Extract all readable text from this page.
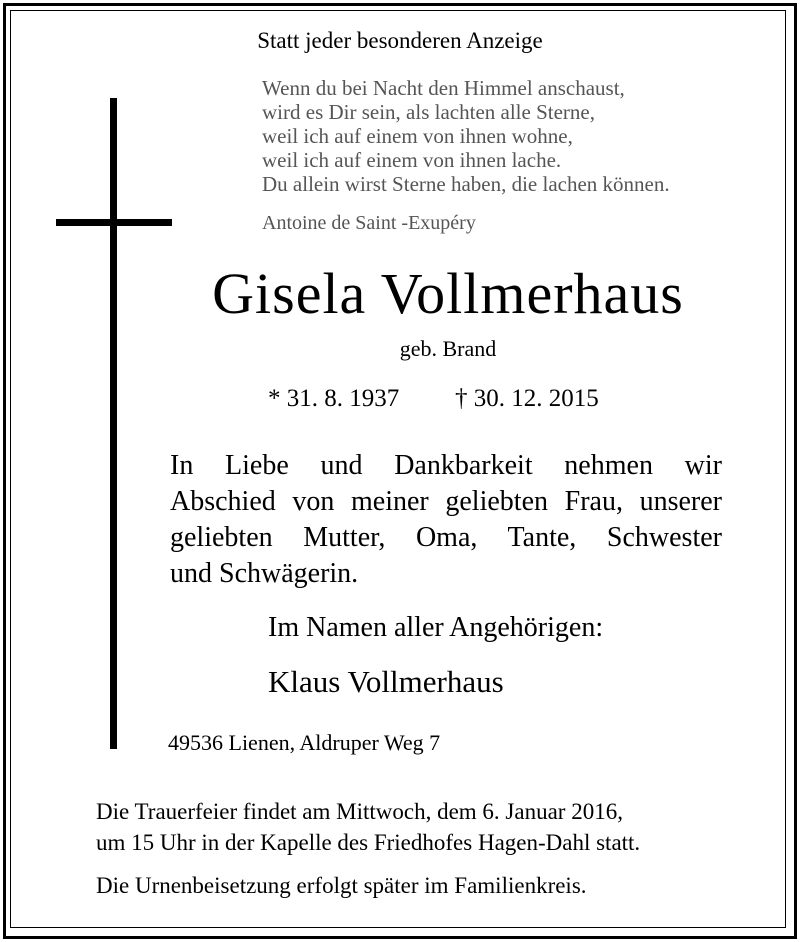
Statt jeder besonderen Anzeige
Wenn du bei Nacht den Himmel anschaust,
wird es Dir sein, als lachten alle Sterne,
weil ich auf einem von ihnen wohne,
weil ich auf einem von ihnen lache.
Du allein wirst Sterne haben, die lachen können.
Antoine de Saint -Exupéry
Gisela Vollmerhaus
geb. Brand
* 31. 8. 1937 † 30. 12. 2015
In Liebe und Dankbarkeit nehmen wir
Abschied von meiner geliebten Frau, unserer
geliebten Mutter, Oma, Tante, Schwester
und Schwägerin.
Im Namen aller Angehörigen:
Klaus Vollmerhaus
49536 Lienen, Aldruper Weg 7
Die Trauerfeier findet am Mittwoch, dem 6. Januar 2016,
um 15 Uhr in der Kapelle des Friedhofes Hagen-Dahl statt.
Die Urnenbeisetzung erfolgt später im Familienkreis.
